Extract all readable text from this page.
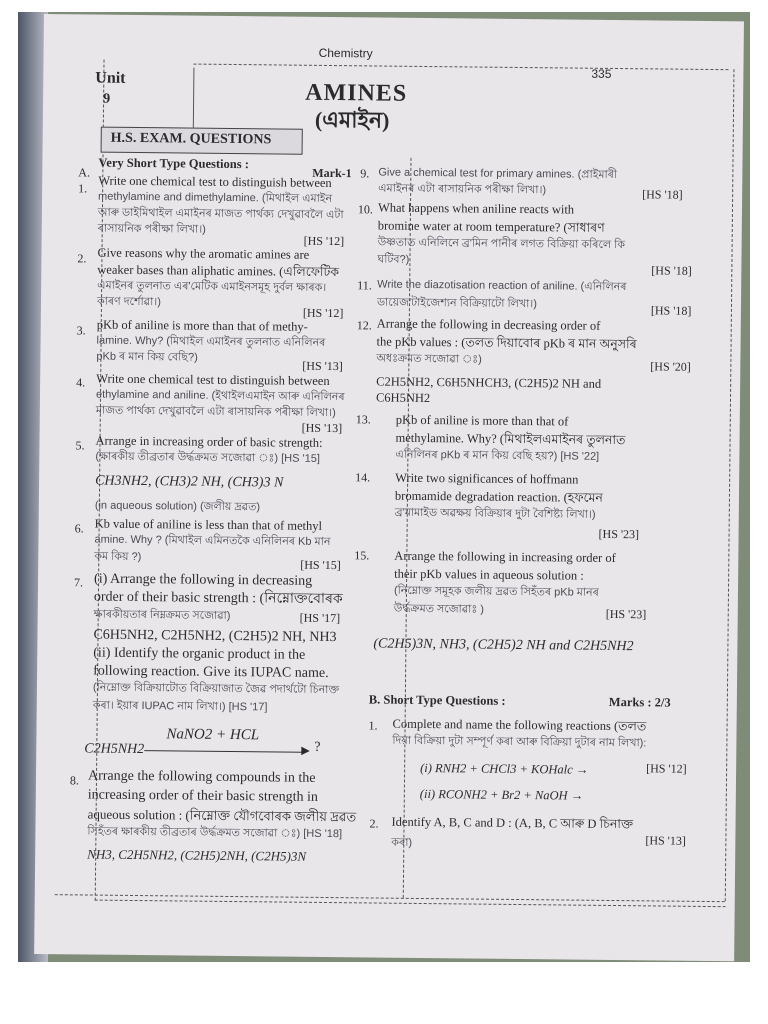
Chemistry
335
Unit
9	AMINES
(এমাইন)
H.S. EXAM. QUESTIONS
Very Short Type Questions :
Mark-1
A.
1. Write one chemical test to distinguish between
methylamine and dimethylamine. (মিথাইল এমাইন
আৰু ডাইমিথাইল এমাইনৰ মাজত পাৰ্থক্য দেখুৱাবলৈ এটা
ৰাসায়নিক পৰীক্ষা লিখা।)
[HS '12]
2. Give reasons why the aromatic amines are
weaker bases than aliphatic amines. (এলিফেটিক
এমাইনৰ তুলনাত এৰ'মেটিক এমাইনসমূহ দুৰ্বল ক্ষাৰক।
কাৰণ দৰ্শোৱা।)
[HS '12]
3. pKb of aniline is more than that of methy-
lamine. Why? (মিথাইল এমাইনৰ তুলনাত এনিলিনৰ
pKb ৰ মান কিয় বেছি?)
[HS '13]
4. Write one chemical test to distinguish between
ethylamine and aniline. (ইথাইলএমাইন আৰু এনিলিনৰ
মাজত পাৰ্থক্য দেখুৱাবলৈ এটা ৰাসায়নিক পৰীক্ষা লিখা।)
[HS '13]
5. Arrange in increasing order of basic strength:
(ক্ষাৰকীয় তীব্ৰতাৰ উৰ্দ্ধক্ৰমত সজোৱা ঃ) [HS '15]
CH3NH2, (CH3)2 NH, (CH3)3 N
(in aqueous solution) (জলীয় দ্ৰৱত)
6. Kb value of aniline is less than that of methyl
amine. Why ? (মিথাইল এমিনতকৈ এনিলিনৰ Kb মান
কম কিয় ?)
[HS '15]
7. (i) Arrange the following in decreasing
order of their basic strength : (নিম্নোক্তবোৰক
ক্ষাৰকীয়তাৰ নিম্নক্ৰমত সজোৱা)	[HS '17]
C6H5NH2, C2H5NH2, (C2H5)2 NH, NH3
(ii) Identify the organic product in the
following reaction. Give its IUPAC name.
(নিম্নোক্ত বিক্ৰিয়াটোত বিক্ৰিয়াজাত জৈৱ পদাৰ্থটো চিনাক্ত
কৰা। ইয়াৰ IUPAC নাম লিখা।) [HS '17]
NaNO2 + HCL
▶
C2H5NH2	?
8. Arrange the following compounds in the
increasing order of their basic strength in
aqueous solution : (নিম্নোক্ত যৌগবোৰক জলীয় দ্ৰৱত
সিহঁতৰ ক্ষাৰকীয় তীব্ৰতাৰ উৰ্দ্ধক্ৰমত সজোৱা ঃ) [HS '18]
NH3, C2H5NH2, (C2H5)2NH, (C2H5)3N
9. Give a chemical test for primary amines. (প্ৰাইমাৰী
এমাইনৰ এটা ৰাসায়নিক পৰীক্ষা লিখা।)	[HS '18]
10. What happens when aniline reacts with
bromine water at room temperature? (সাধাৰণ
উষ্ণতাত এনিলিনে ব্ৰ'মিন পানীৰ লগত বিক্ৰিয়া কৰিলে কি
ঘটিব?)
[HS '18]
11. Write the diazotisation reaction of aniline. (এনিলিনৰ
ডায়েজ'টাইজেশ্যন বিক্ৰিয়াটো লিখা।)
[HS '18]
12. Arrange the following in decreasing order of
the pKb values : (তলত দিয়াবোৰ pKb ৰ মান অনুসৰি
অধঃক্ৰমত সজোৱা ঃ)
[HS '20]
C2H5NH2, C6H5NHCH3, (C2H5)2 NH and
C6H5NH2
13. pKb of aniline is more than that of
methylamine. Why? (মিথাইলএমাইনৰ তুলনাত
এনিলিনৰ pKb ৰ মান কিয় বেছি হয়?) [HS '22]
14. Write two significances of hoffmann
bromamide degradation reaction. (হফমেন
ব্ৰ'মামাইড অৱক্ষয় বিক্ৰিয়াৰ দুটা বৈশিষ্ট্য লিখা।)
[HS '23]
15. Arrange the following in increasing order of
their pKb values in aqueous solution :
(নিম্নোক্ত সমূহক জলীয় দ্ৰৱত সিহঁতৰ pKb মানৰ
উৰ্দ্ধক্ৰমত সজোৱাঃ )	[HS '23]
(C2H5)3N, NH3, (C2H5)2 NH and C2H5NH2
B. Short Type Questions :	Marks : 2/3
1. Complete and name the following reactions (তলত
দিয়া বিক্ৰিয়া দুটা সম্পূৰ্ণ কৰা আৰু বিক্ৰিয়া দুটাৰ নাম লিখা):
(i) RNH2 + CHCl3 + KOHalc →	[HS '12]
(ii) RCONH2 + Br2 + NaOH →
2. Identify A, B, C and D : (A, B, C আৰু D চিনাক্ত
কৰা)	[HS '13]
